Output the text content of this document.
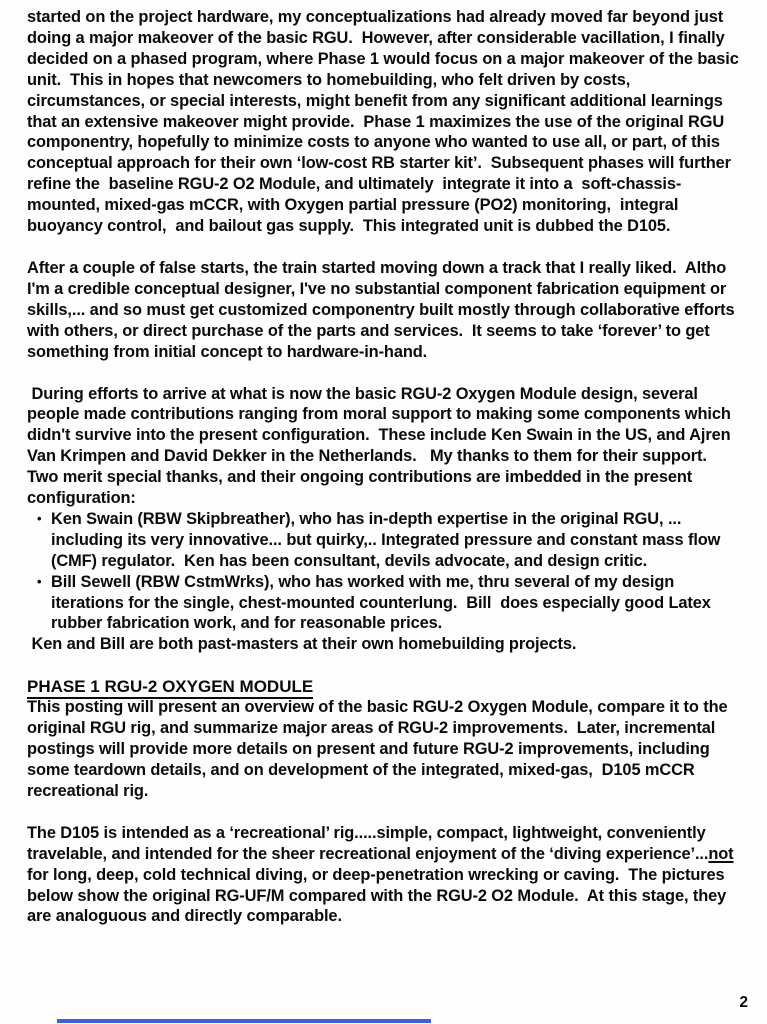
started on the project hardware, my conceptualizations had already moved far beyond just doing a major makeover of the basic RGU.  However, after considerable vacillation, I finally decided on a phased program, where Phase 1 would focus on a major makeover of the basic unit.  This in hopes that newcomers to homebuilding, who felt driven by costs, circumstances, or special interests, might benefit from any significant additional learnings that an extensive makeover might provide.  Phase 1 maximizes the use of the original RGU componentry, hopefully to minimize costs to anyone who wanted to use all, or part, of this conceptual approach for their own ‘low-cost RB starter kit’.  Subsequent phases will further refine the  baseline RGU-2 O2 Module, and ultimately  integrate it into a  soft-chassis-mounted, mixed-gas mCCR, with Oxygen partial pressure (PO2) monitoring,  integral buoyancy control,  and bailout gas supply.  This integrated unit is dubbed the D105.

After a couple of false starts, the train started moving down a track that I really liked.  Altho I'm a credible conceptual designer, I've no substantial component fabrication equipment or skills,... and so must get customized componentry built mostly through collaborative efforts with others, or direct purchase of the parts and services.  It seems to take ‘forever’ to get something from initial concept to hardware-in-hand.

During efforts to arrive at what is now the basic RGU-2 Oxygen Module design, several people made contributions ranging from moral support to making some components which didn't survive into the present configuration.  These include Ken Swain in the US, and Ajren Van Krimpen and David Dekker in the Netherlands.   My thanks to them for their support.  Two merit special thanks, and their ongoing contributions are imbedded in the present configuration:

• Ken Swain (RBW Skipbreather), who has in-depth expertise in the original RGU, ... including its very innovative... but quirky,.. Integrated pressure and constant mass flow (CMF) regulator.  Ken has been consultant, devils advocate, and design critic.
• Bill Sewell (RBW CstmWrks), who has worked with me, thru several of my design iterations for the single, chest-mounted counterlung.  Bill  does especially good Latex rubber fabrication work, and for reasonable prices.

Ken and Bill are both past-masters at their own homebuilding projects.

PHASE 1 RGU-2 OXYGEN MODULE

This posting will present an overview of the basic RGU-2 Oxygen Module, compare it to the original RGU rig, and summarize major areas of RGU-2 improvements.  Later, incremental postings will provide more details on present and future RGU-2 improvements, including some teardown details, and on development of the integrated, mixed-gas,  D105 mCCR recreational rig.

The D105 is intended as a ‘recreational’ rig.....simple, compact, lightweight, conveniently travelable, and intended for the sheer recreational enjoyment of the ‘diving experience’...not for long, deep, cold technical diving, or deep-penetration wrecking or caving.  The pictures below show the original RG-UF/M compared with the RGU-2 O2 Module.  At this stage, they are analoguous and directly comparable.

2
